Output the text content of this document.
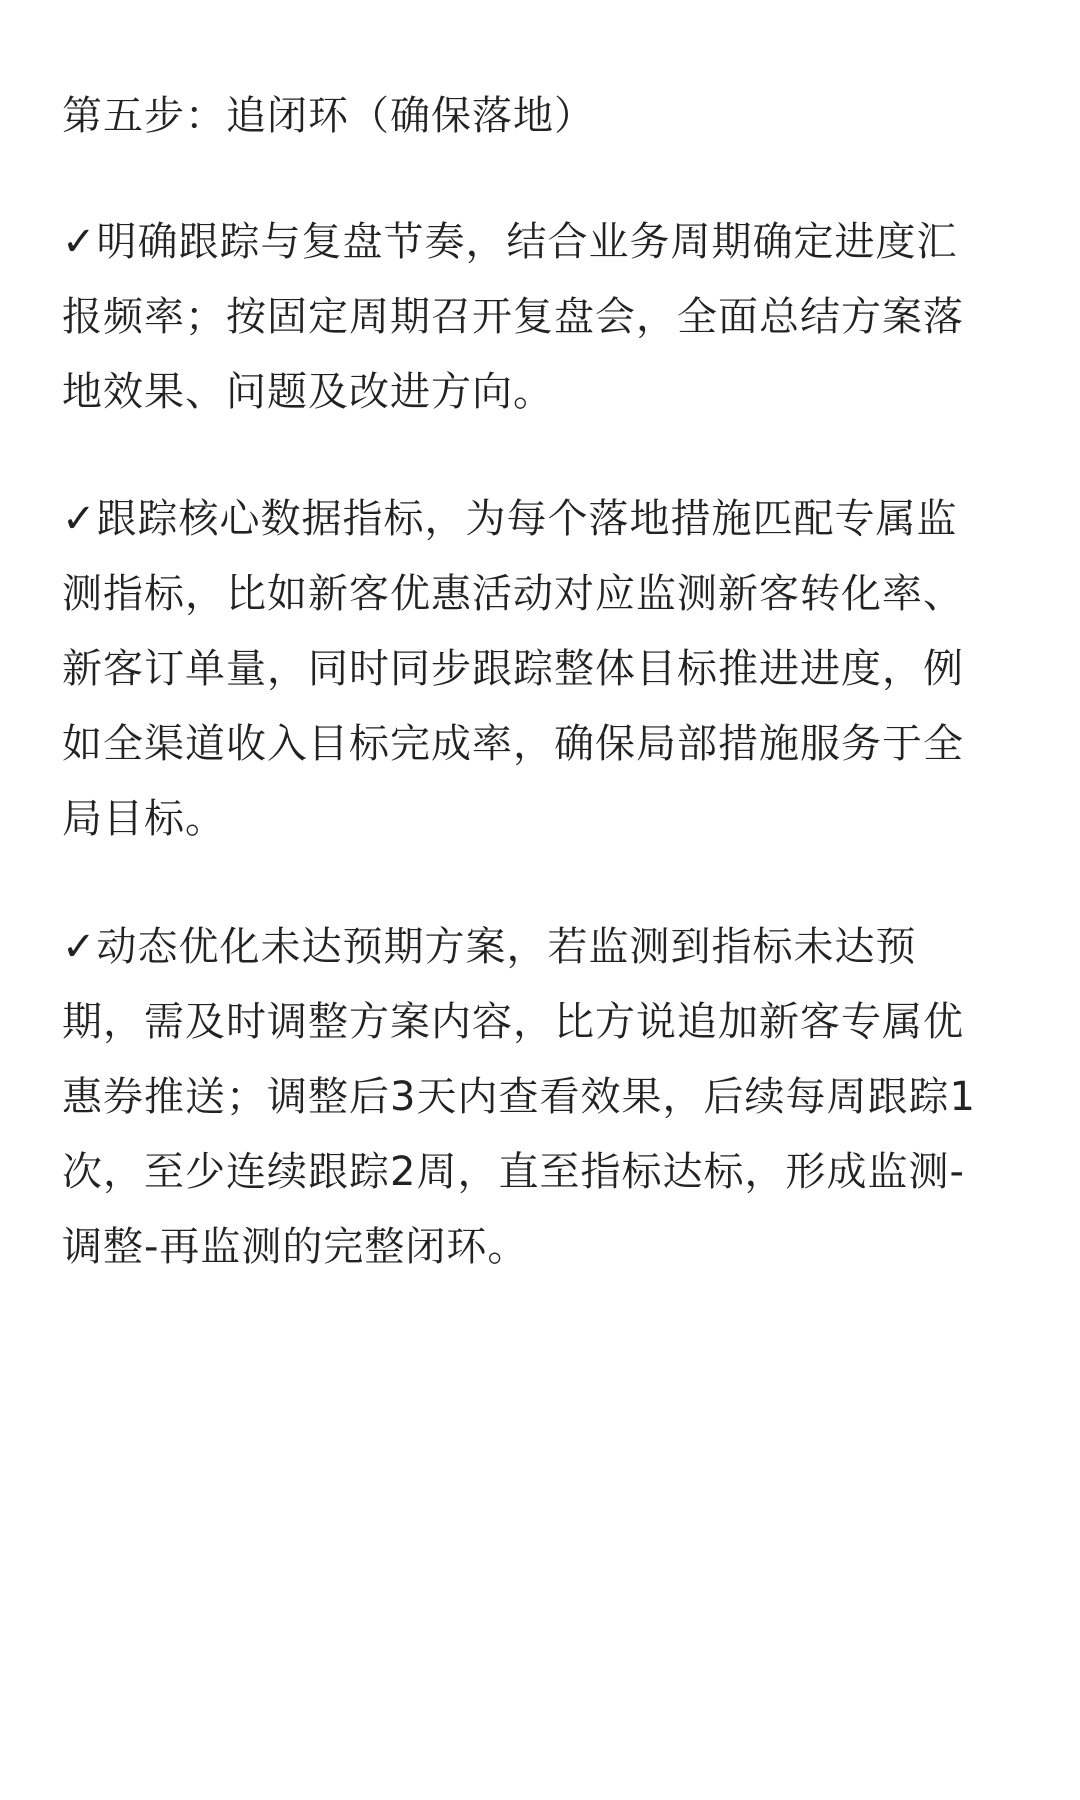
第五步：追闭环（确保落地）
✓明确跟踪与复盘节奏，结合业务周期确定进度汇
报频率；按固定周期召开复盘会，全面总结方案落
地效果、问题及改进方向。
✓跟踪核心数据指标，为每个落地措施匹配专属监
测指标，比如新客优惠活动对应监测新客转化率、
新客订单量，同时同步跟踪整体目标推进进度，例
如全渠道收入目标完成率，确保局部措施服务于全
局目标。
✓动态优化未达预期方案，若监测到指标未达预
期，需及时调整方案内容，比方说追加新客专属优
惠券推送；调整后3天内查看效果，后续每周跟踪1
次，至少连续跟踪2周，直至指标达标，形成监测-
调整-再监测的完整闭环。
